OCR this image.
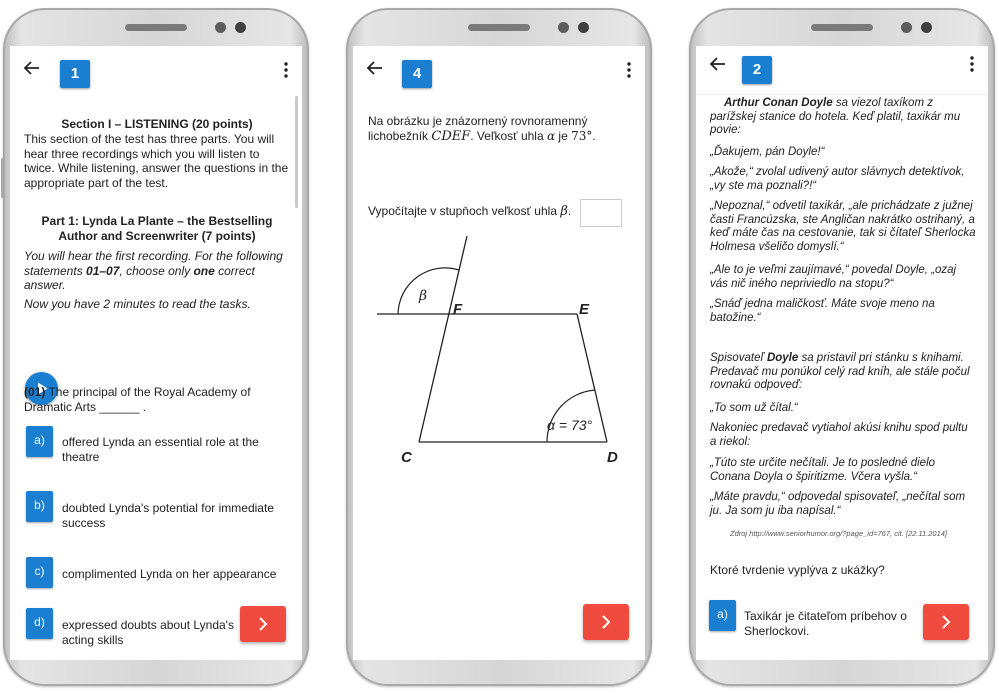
1
Section I – LISTENING (20 points)
This section of the test has three parts. You will hear three recordings which you will listen to twice. While listening, answer the questions in the appropriate part of the test.
Part 1: Lynda La Plante – the Bestselling Author and Screenwriter (7 points)
You will hear the first recording. For the following statements 01–07, choose only one correct answer.
Now you have 2 minutes to read the tasks.
(01) The principal of the Royal Academy of Dramatic Arts ______ .
a)	offered Lynda an essential role at the theatre
b)	doubted Lynda's potential for immediate success
c)	complimented Lynda on her appearance
d)	expressed doubts about Lynda's acting skills
4
Na obrázku je znázornený rovnoramenný
lichobežník CDEF. Veľkosť uhla α je 73°.
Vypočítajte v stupňoch veľkosť uhla β.
β
F	E
C	D
α = 73°
2
Arthur Conan Doyle sa viezol taxíkom z parížskej stanice do hotela. Keď platil, taxikár mu povie:
„Ďakujem, pán Doyle!“
„Akože,“ zvolal udivený autor slávnych detektívok, „vy ste ma poznali?!“
„Nepoznal,“ odvetil taxikár, „ale prichádzate z južnej časti Francúzska, ste Angličan nakrátko ostrihaný, a keď máte čas na cestovanie, tak si čítateľ Sherlocka Holmesa všeličo domyslí.“
„Ale to je veľmi zaujímavé,“ povedal Doyle, „ozaj vás nič iného nepriviedlo na stopu?“
„Snáď jedna maličkosť. Máte svoje meno na batožine.“
Spisovateľ Doyle sa pristavil pri stánku s knihami. Predavač mu ponúkol celý rad kníh, ale stále počul rovnakú odpoveď:
„To som už čítal.“
Nakoniec predavač vytiahol akúsi knihu spod pultu a riekol:
„Túto ste určite nečítali. Je to posledné dielo Conana Doyla o špiritizme. Včera vyšla.“
„Máte pravdu,“ odpovedal spisovateľ, „nečítal som ju. Ja som ju iba napísal.“
Zdroj http://www.seniorhumor.org/?page_id=767, cit. [22.11.2014]
Ktoré tvrdenie vyplýva z ukážky?
a)	Taxikár je čitateľom príbehov o Sherlockovi.
